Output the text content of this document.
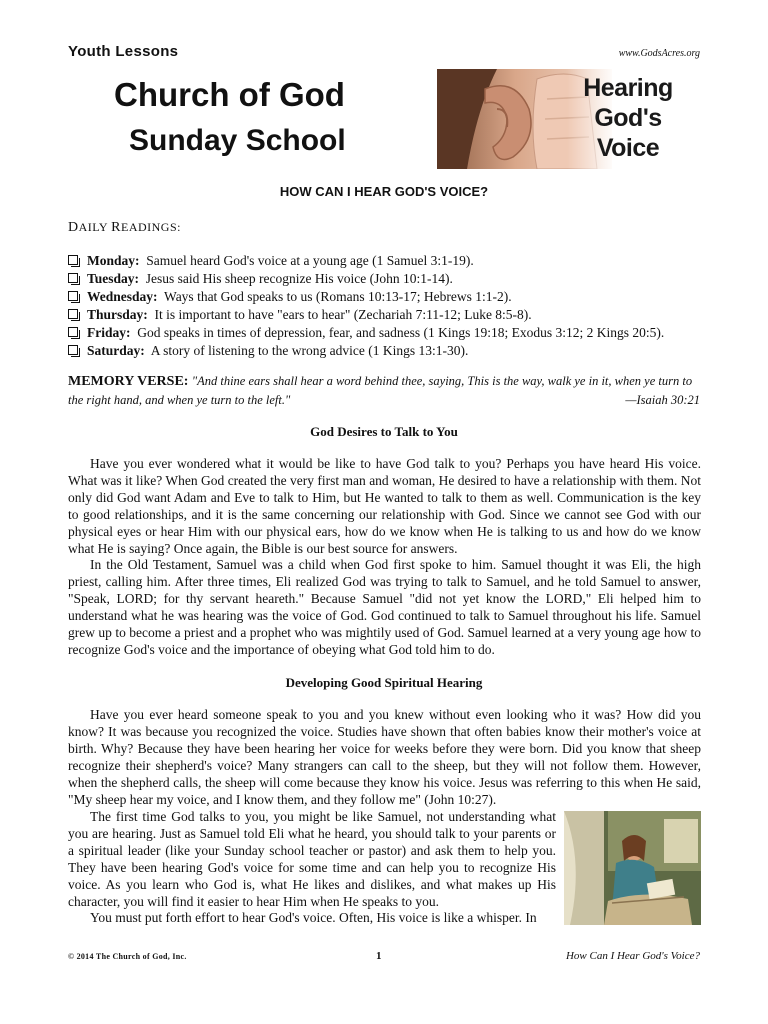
Youth Lessons	www.GodsAcres.org
Church of God
Sunday School
Hearing
God's
Voice
HOW CAN I HEAR GOD'S VOICE?
DAILY READINGS:
Monday: Samuel heard God's voice at a young age (1 Samuel 3:1-19).
Tuesday: Jesus said His sheep recognize His voice (John 10:1-14).
Wednesday: Ways that God speaks to us (Romans 10:13-17; Hebrews 1:1-2).
Thursday: It is important to have "ears to hear" (Zechariah 7:11-12; Luke 8:5-8).
Friday: God speaks in times of depression, fear, and sadness (1 Kings 19:18; Exodus 3:12; 2 Kings 20:5).
Saturday: A story of listening to the wrong advice (1 Kings 13:1-30).
MEMORY VERSE: "And thine ears shall hear a word behind thee, saying, This is the way, walk ye in it, when ye turn to the right hand, and when ye turn to the left."	—Isaiah 30:21
God Desires to Talk to You

Have you ever wondered what it would be like to have God talk to you? Perhaps you have heard His voice. What was it like? When God created the very first man and woman, He desired to have a relationship with them. Not only did God want Adam and Eve to talk to Him, but He wanted to talk to them as well. Communication is the key to good relationships, and it is the same concerning our relationship with God. Since we cannot see God with our physical eyes or hear Him with our physical ears, how do we know when He is talking to us and how do we know what He is saying? Once again, the Bible is our best source for answers.

In the Old Testament, Samuel was a child when God first spoke to him. Samuel thought it was Eli, the high priest, calling him. After three times, Eli realized God was trying to talk to Samuel, and he told Samuel to answer, "Speak, LORD; for thy servant heareth." Because Samuel "did not yet know the LORD," Eli helped him to understand what he was hearing was the voice of God. God continued to talk to Samuel throughout his life. Samuel grew up to become a priest and a prophet who was mightily used of God. Samuel learned at a very young age how to recognize God's voice and the importance of obeying what God told him to do.

Developing Good Spiritual Hearing

Have you ever heard someone speak to you and you knew without even looking who it was? How did you know? It was because you recognized the voice. Studies have shown that often babies know their mother's voice at birth. Why? Because they have been hearing her voice for weeks before they were born. Did you know that sheep recognize their shepherd's voice? Many strangers can call to the sheep, but they will not follow them. However, when the shepherd calls, the sheep will come because they know his voice. Jesus was referring to this when He said, "My sheep hear my voice, and I know them, and they follow me" (John 10:27).

The first time God talks to you, you might be like Samuel, not understanding what you are hearing. Just as Samuel told Eli what he heard, you should talk to your parents or a spiritual leader (like your Sunday school teacher or pastor) and ask them to help you. They have been hearing God's voice for some time and can help you to recognize His voice. As you learn who God is, what He likes and dislikes, and what makes up His character, you will find it easier to hear Him when He speaks to you.

You must put forth effort to hear God's voice. Often, His voice is like a whisper. In

© 2014 The Church of God, Inc.	1	How Can I Hear God's Voice?
